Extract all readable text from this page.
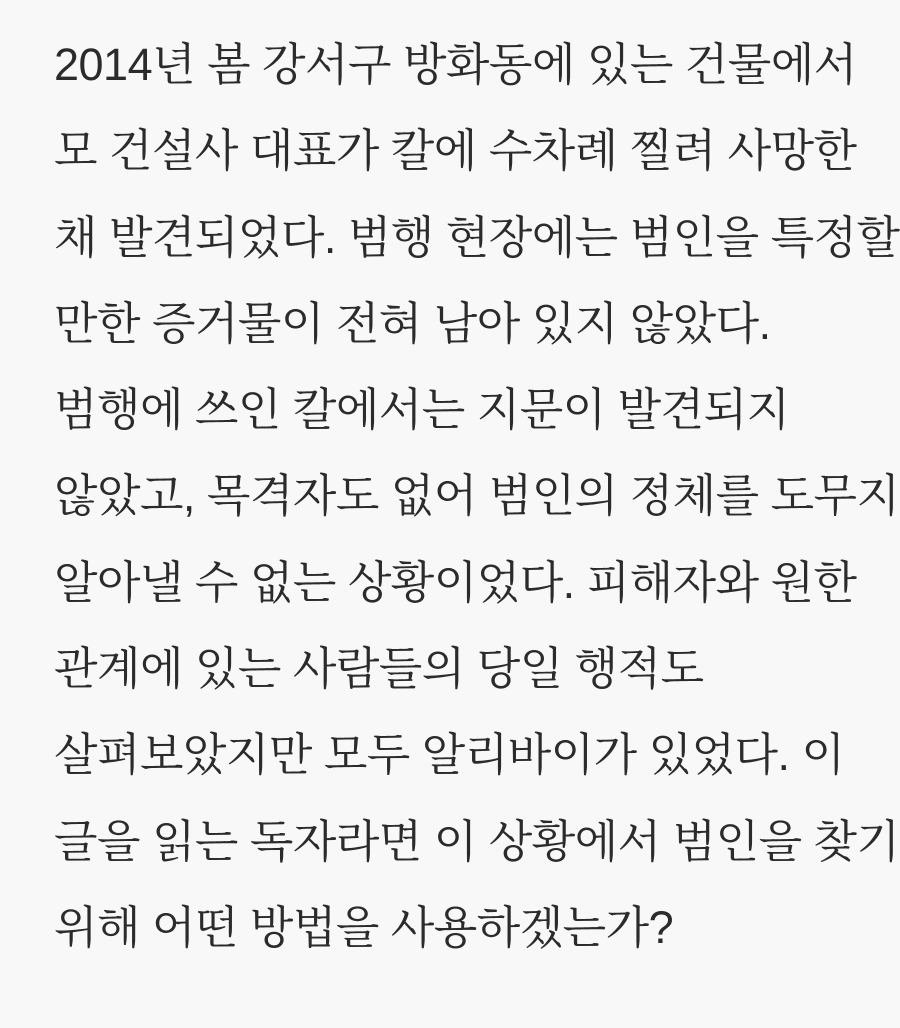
2014년 봄 강서구 방화동에 있는 건물에서
모 건설사 대표가 칼에 수차례 찔려 사망한
채 발견되었다. 범행 현장에는 범인을 특정할
만한 증거물이 전혀 남아 있지 않았다.
범행에 쓰인 칼에서는 지문이 발견되지
않았고, 목격자도 없어 범인의 정체를 도무지
알아낼 수 없는 상황이었다. 피해자와 원한
관계에 있는 사람들의 당일 행적도
살펴보았지만 모두 알리바이가 있었다. 이
글을 읽는 독자라면 이 상황에서 범인을 찾기
위해 어떤 방법을 사용하겠는가?
